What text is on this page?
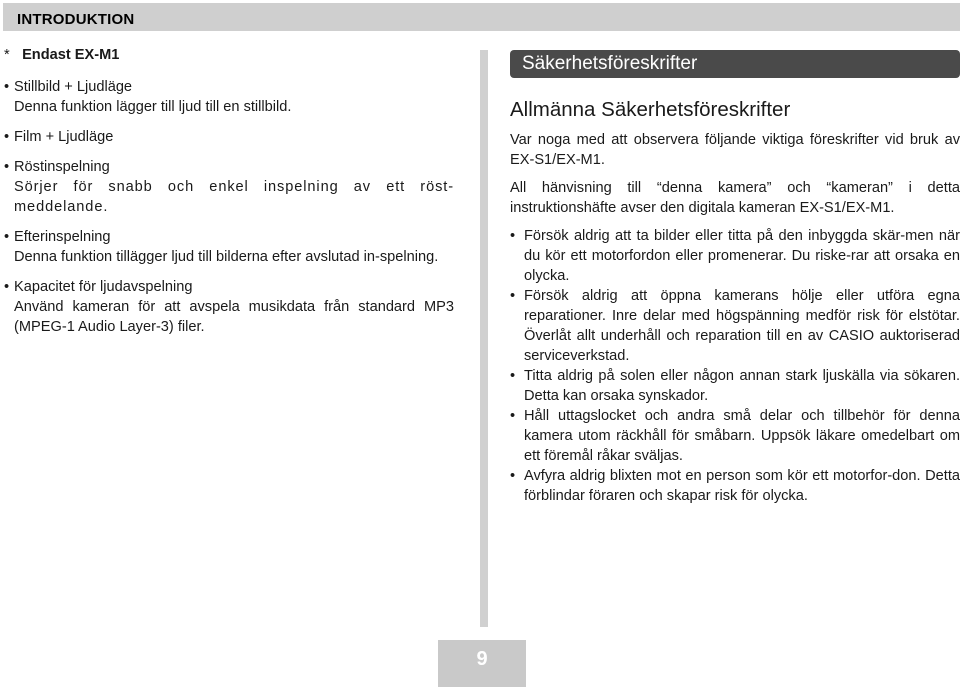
INTRODUKTION
* Endast EX-M1
• Stillbild + Ljudläge
Denna funktion lägger till ljud till en stillbild.
• Film + Ljudläge
• Röstinspelning
Sörjer för snabb och enkel inspelning av ett röst-meddelande.
• Efterinspelning
Denna funktion tillägger ljud till bilderna efter avslutad in-spelning.
• Kapacitet för ljudavspelning
Använd kameran för att avspela musikdata från standard MP3 (MPEG-1 Audio Layer-3) filer.
Säkerhetsföreskrifter
Allmänna Säkerhetsföreskrifter
Var noga med att observera följande viktiga föreskrifter vid bruk av EX-S1/EX-M1.
All hänvisning till “denna kamera” och “kameran” i detta instruktionshäfte avser den digitala kameran EX-S1/EX-M1.
• Försök aldrig att ta bilder eller titta på den inbyggda skär-men när du kör ett motorfordon eller promenerar. Du riske-rar att orsaka en olycka.
• Försök aldrig att öppna kamerans hölje eller utföra egna reparationer. Inre delar med högspänning medför risk för elstötar. Överlåt allt underhåll och reparation till en av CASIO auktoriserad serviceverkstad.
• Titta aldrig på solen eller någon annan stark ljuskälla via sökaren. Detta kan orsaka synskador.
• Håll uttagslocket och andra små delar och tillbehör för denna kamera utom räckhåll för småbarn. Uppsök läkare omedelbart om ett föremål råkar sväljas.
• Avfyra aldrig blixten mot en person som kör ett motorfor-don. Detta förblindar föraren och skapar risk för olycka.
9
